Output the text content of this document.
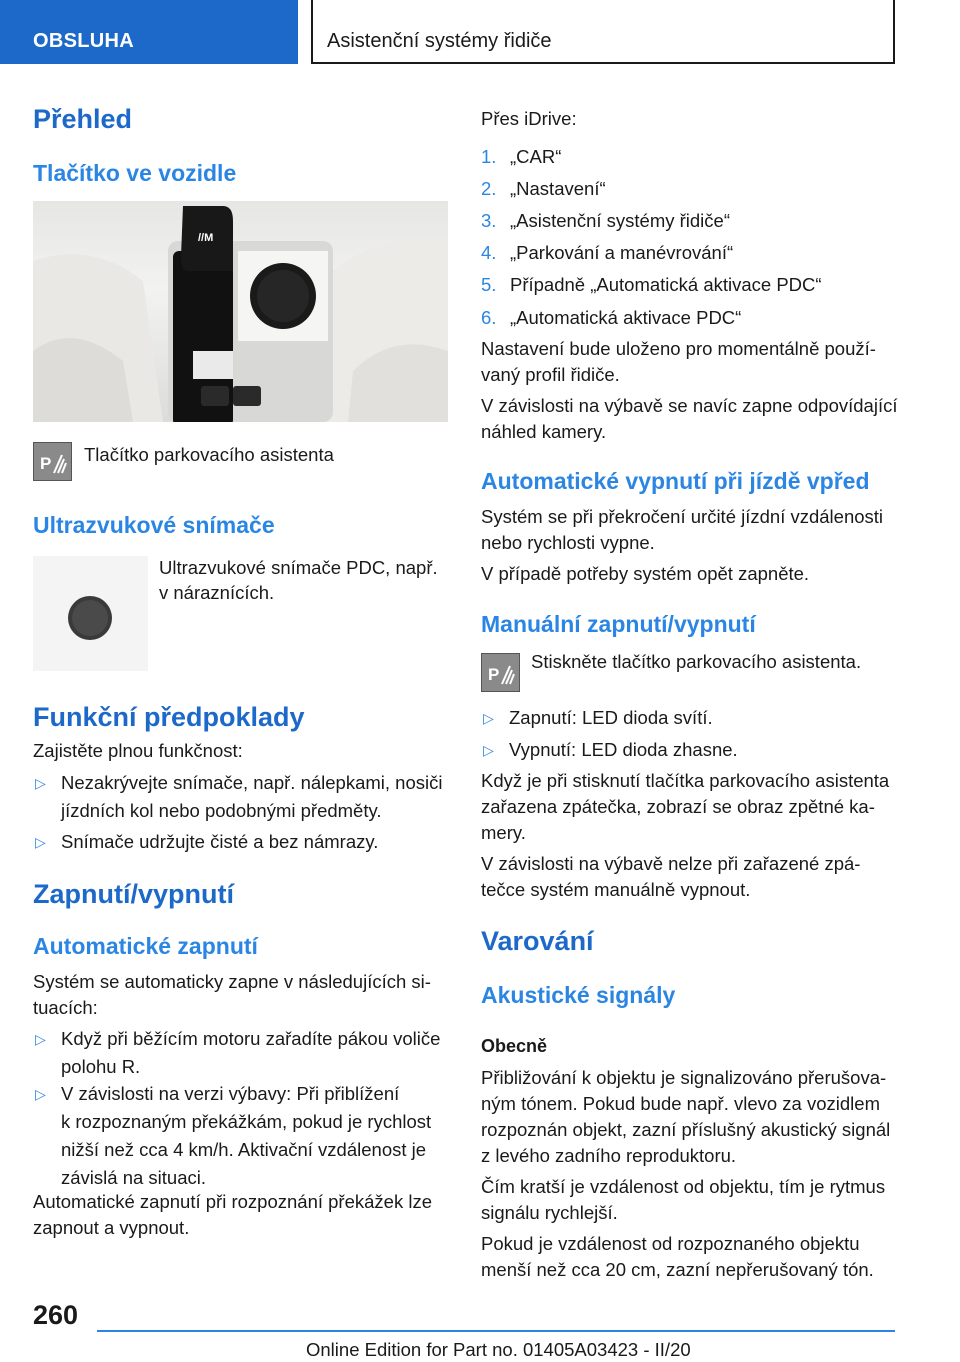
OBSLUHA	Asistenční systémy řidiče
Přehled
Tlačítko ve vozidle
//M
P Tlačítko parkovacího asistenta
Ultrazvukové snímače
Ultrazvukové snímače PDC, např.
v náraznících.
Funkční předpoklady
Zajistěte plnou funkčnost:
▷ Nezakrývejte snímače, např. nálepkami, nosiči
jízdních kol nebo podobnými předměty.
▷ Snímače udržujte čisté a bez námrazy.
Zapnutí/vypnutí
Automatické zapnutí
Systém se automaticky zapne v následujících si-
tuacích:
▷ Když při běžícím motoru zařadíte pákou voliče
polohu R.
▷ V závislosti na verzi výbavy: Při přiblížení
k rozpoznaným překážkám, pokud je rychlost
nižší než cca 4 km/h. Aktivační vzdálenost je
závislá na situaci.
Automatické zapnutí při rozpoznání překážek lze
zapnout a vypnout.
Přes iDrive:
1. „CAR“
2. „Nastavení“
3. „Asistenční systémy řidiče“
4. „Parkování a manévrování“
5. Případně „Automatická aktivace PDC“
6. „Automatická aktivace PDC“
Nastavení bude uloženo pro momentálně použí-
vaný profil řidiče.
V závislosti na výbavě se navíc zapne odpovídající
náhled kamery.
Automatické vypnutí při jízdě vpřed
Systém se při překročení určité jízdní vzdálenosti
nebo rychlosti vypne.
V případě potřeby systém opět zapněte.
Manuální zapnutí/vypnutí
P
Stiskněte tlačítko parkovacího asistenta.
▷ Zapnutí: LED dioda svítí.
▷ Vypnutí: LED dioda zhasne.
Když je při stisknutí tlačítka parkovacího asistenta
zařazena zpátečka, zobrazí se obraz zpětné ka-
mery.
V závislosti na výbavě nelze při zařazené zpá-
tečce systém manuálně vypnout.
Varování
Akustické signály
Obecně
Přibližování k objektu je signalizováno přerušova-
ným tónem. Pokud bude např. vlevo za vozidlem
rozpoznán objekt, zazní příslušný akustický signál
z levého zadního reproduktoru.
Čím kratší je vzdálenost od objektu, tím je rytmus
signálu rychlejší.
Pokud je vzdálenost od rozpoznaného objektu
menší než cca 20 cm, zazní nepřerušovaný tón.
260
Online Edition for Part no. 01405A03423 - II/20
